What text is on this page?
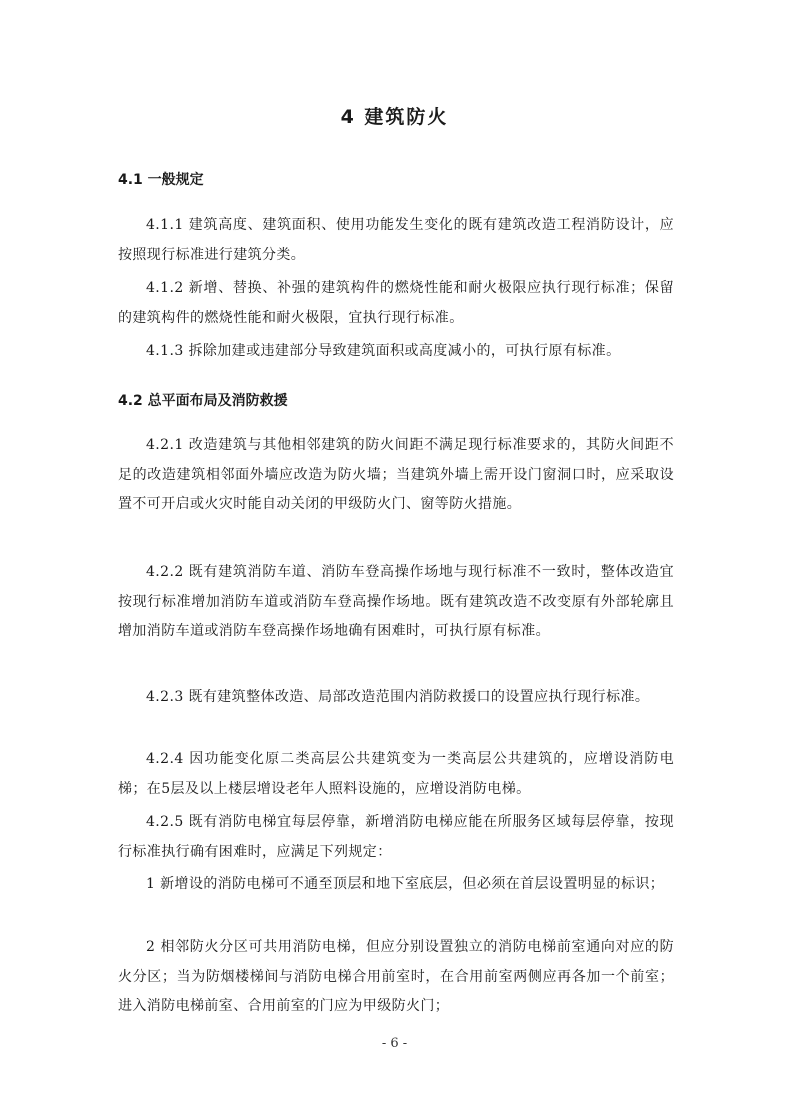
4 建筑防火
4.1 一般规定

4.1.1 建筑高度、建筑面积、使用功能发生变化的既有建筑改造工程消防设计，应按照现行标准进行建筑分类。

4.1.2 新增、替换、补强的建筑构件的燃烧性能和耐火极限应执行现行标准；保留的建筑构件的燃烧性能和耐火极限，宜执行现行标准。

4.1.3 拆除加建或违建部分导致建筑面积或高度减小的，可执行原有标准。

4.2 总平面布局及消防救援

4.2.1 改造建筑与其他相邻建筑的防火间距不满足现行标准要求的，其防火间距不足的改造建筑相邻面外墙应改造为防火墙；当建筑外墙上需开设门窗洞口时，应采取设置不可开启或火灾时能自动关闭的甲级防火门、窗等防火措施。

4.2.2 既有建筑消防车道、消防车登高操作场地与现行标准不一致时，整体改造宜按现行标准增加消防车道或消防车登高操作场地。既有建筑改造不改变原有外部轮廓且增加消防车道或消防车登高操作场地确有困难时，可执行原有标准。

4.2.3 既有建筑整体改造、局部改造范围内消防救援口的设置应执行现行标准。

4.2.4 因功能变化原二类高层公共建筑变为一类高层公共建筑的，应增设消防电梯；在5层及以上楼层增设老年人照料设施的，应增设消防电梯。

4.2.5 既有消防电梯宜每层停靠，新增消防电梯应能在所服务区域每层停靠，按现行标准执行确有困难时，应满足下列规定：

1 新增设的消防电梯可不通至顶层和地下室底层，但必须在首层设置明显的标识；

2 相邻防火分区可共用消防电梯，但应分别设置独立的消防电梯前室通向对应的防火分区；当为防烟楼梯间与消防电梯合用前室时，在合用前室两侧应再各加一个前室；进入消防电梯前室、合用前室的门应为甲级防火门；

- 6 -
